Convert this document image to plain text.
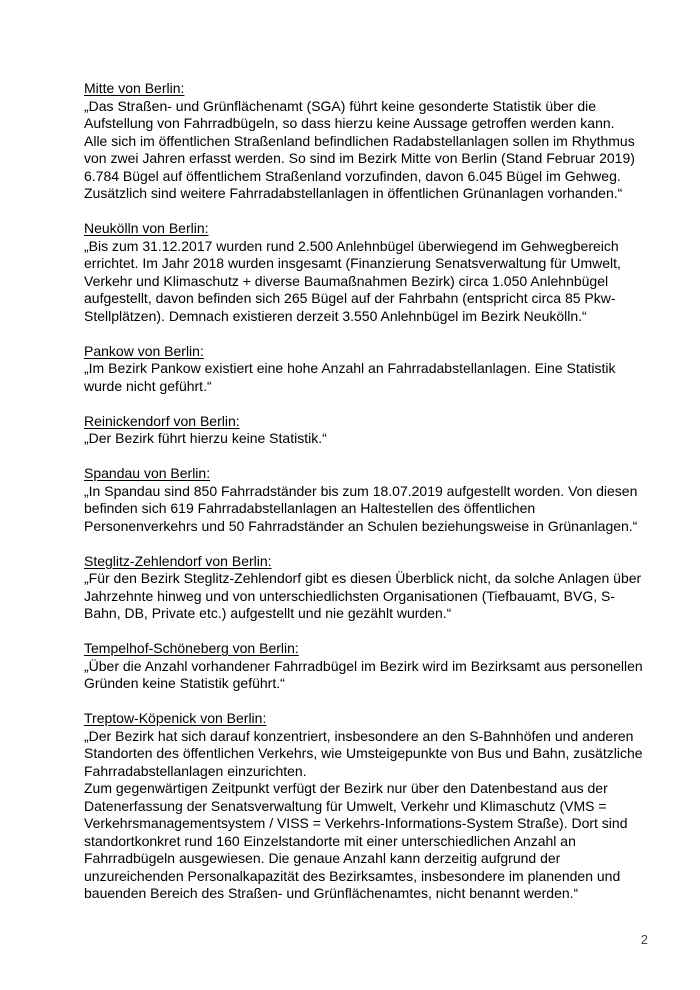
Mitte von Berlin:

„Das Straßen- und Grünflächenamt (SGA) führt keine gesonderte Statistik über die
Aufstellung von Fahrradbügeln, so dass hierzu keine Aussage getroffen werden kann.
Alle sich im öffentlichen Straßenland befindlichen Radabstellanlagen sollen im Rhythmus
von zwei Jahren erfasst werden. So sind im Bezirk Mitte von Berlin (Stand Februar 2019)
6.784 Bügel auf öffentlichem Straßenland vorzufinden, davon 6.045 Bügel im Gehweg.
Zusätzlich sind weitere Fahrradabstellanlagen in öffentlichen Grünanlagen vorhanden.“

Neukölln von Berlin:

„Bis zum 31.12.2017 wurden rund 2.500 Anlehnbügel überwiegend im Gehwegbereich
errichtet. Im Jahr 2018 wurden insgesamt (Finanzierung Senatsverwaltung für Umwelt,
Verkehr und Klimaschutz + diverse Baumaßnahmen Bezirk) circa 1.050 Anlehnbügel
aufgestellt, davon befinden sich 265 Bügel auf der Fahrbahn (entspricht circa 85 Pkw-
Stellplätzen). Demnach existieren derzeit 3.550 Anlehnbügel im Bezirk Neukölln.“

Pankow von Berlin:

„Im Bezirk Pankow existiert eine hohe Anzahl an Fahrradabstellanlagen. Eine Statistik
wurde nicht geführt.“

Reinickendorf von Berlin:

„Der Bezirk führt hierzu keine Statistik.“

Spandau von Berlin:

„In Spandau sind 850 Fahrradständer bis zum 18.07.2019 aufgestellt worden. Von diesen
befinden sich 619 Fahrradabstellanlagen an Haltestellen des öffentlichen
Personenverkehrs und 50 Fahrradständer an Schulen beziehungsweise in Grünanlagen.“

Steglitz-Zehlendorf von Berlin:

„Für den Bezirk Steglitz-Zehlendorf gibt es diesen Überblick nicht, da solche Anlagen über
Jahrzehnte hinweg und von unterschiedlichsten Organisationen (Tiefbauamt, BVG, S-
Bahn, DB, Private etc.) aufgestellt und nie gezählt wurden.“

Tempelhof-Schöneberg von Berlin:

„Über die Anzahl vorhandener Fahrradbügel im Bezirk wird im Bezirksamt aus personellen
Gründen keine Statistik geführt.“

Treptow-Köpenick von Berlin:

„Der Bezirk hat sich darauf konzentriert, insbesondere an den S-Bahnhöfen und anderen
Standorten des öffentlichen Verkehrs, wie Umsteigepunkte von Bus und Bahn, zusätzliche
Fahrradabstellanlagen einzurichten.

Zum gegenwärtigen Zeitpunkt verfügt der Bezirk nur über den Datenbestand aus der
Datenerfassung der Senatsverwaltung für Umwelt, Verkehr und Klimaschutz (VMS =
Verkehrsmanagementsystem / VISS = Verkehrs-Informations-System Straße). Dort sind
standortkonkret rund 160 Einzelstandorte mit einer unterschiedlichen Anzahl an
Fahrradbügeln ausgewiesen. Die genaue Anzahl kann derzeitig aufgrund der
unzureichenden Personalkapazität des Bezirksamtes, insbesondere im planenden und
bauenden Bereich des Straßen- und Grünflächenamtes, nicht benannt werden.“

2
